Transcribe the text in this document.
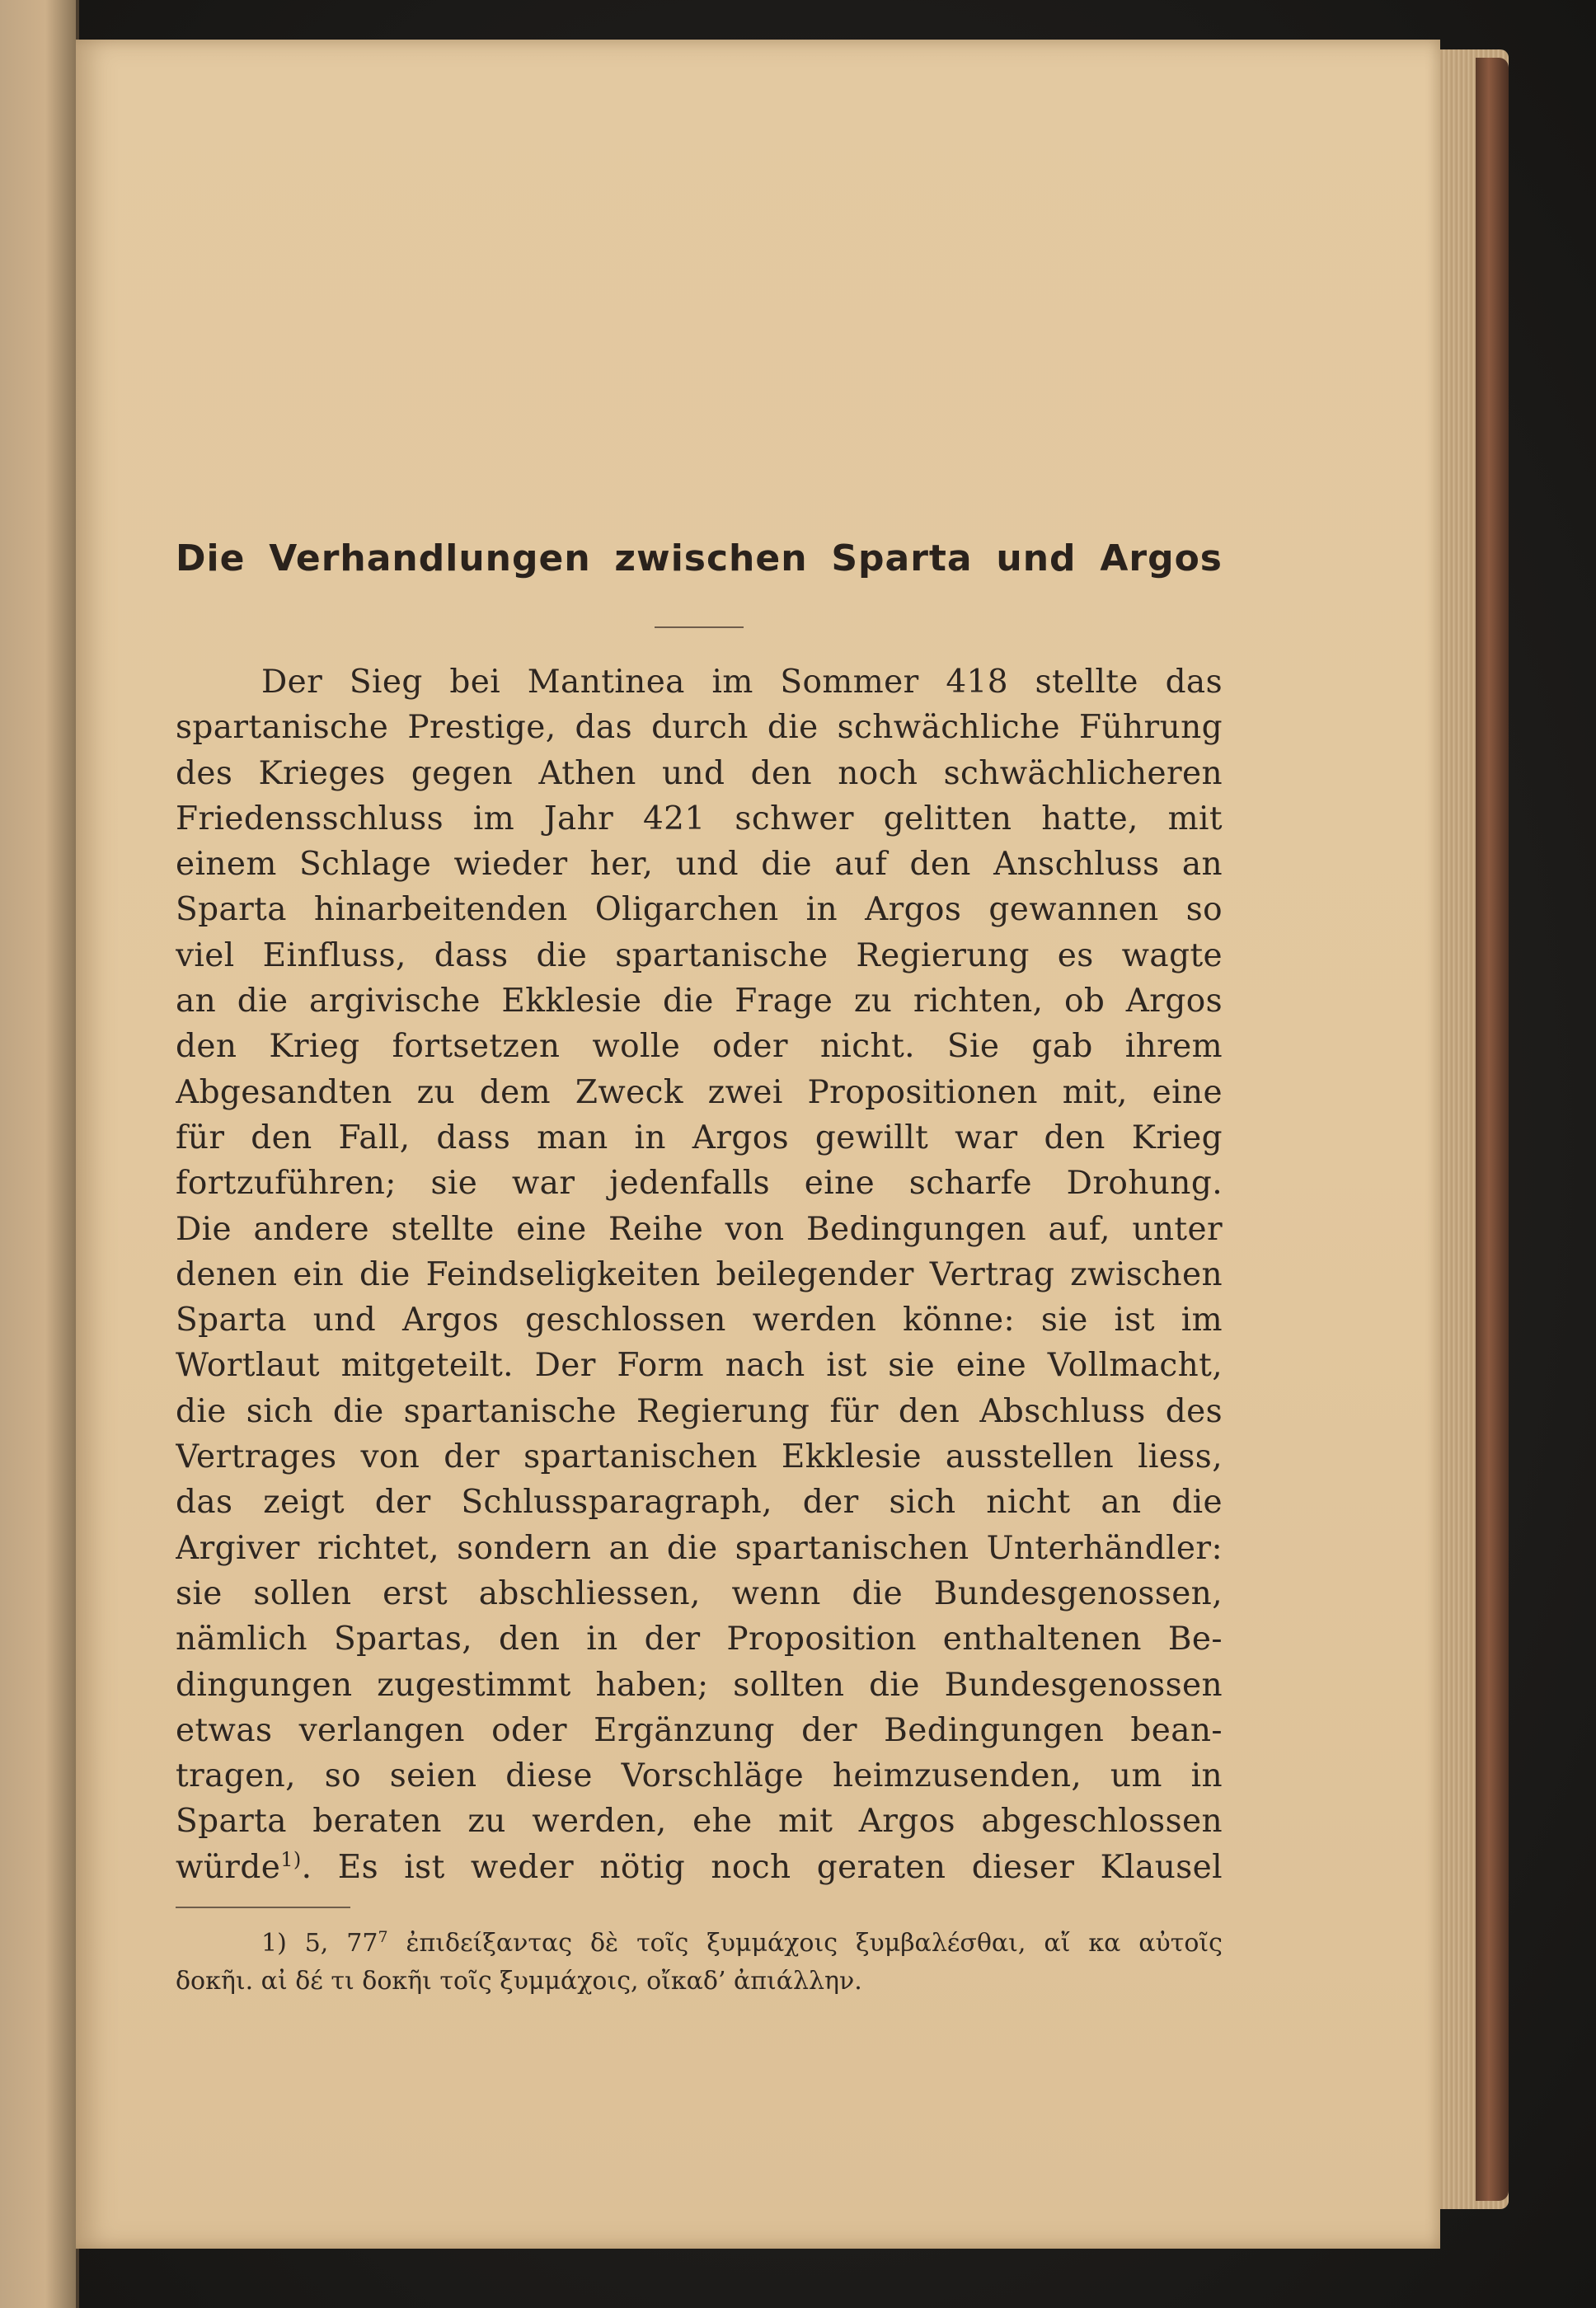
Die Verhandlungen zwischen Sparta und Argos
Der Sieg bei Mantinea im Sommer 418 stellte das
spartanische Prestige, das durch die schwächliche Führung
des Krieges gegen Athen und den noch schwächlicheren
Friedensschluss im Jahr 421 schwer gelitten hatte, mit
einem Schlage wieder her, und die auf den Anschluss an
Sparta hinarbeitenden Oligarchen in Argos gewannen so
viel Einfluss, dass die spartanische Regierung es wagte
an die argivische Ekklesie die Frage zu richten, ob Argos
den Krieg fortsetzen wolle oder nicht. Sie gab ihrem
Abgesandten zu dem Zweck zwei Propositionen mit, eine
für den Fall, dass man in Argos gewillt war den Krieg
fortzuführen; sie war jedenfalls eine scharfe Drohung.
Die andere stellte eine Reihe von Bedingungen auf, unter
denen ein die Feindseligkeiten beilegender Vertrag zwischen
Sparta und Argos geschlossen werden könne: sie ist im
Wortlaut mitgeteilt. Der Form nach ist sie eine Vollmacht,
die sich die spartanische Regierung für den Abschluss des
Vertrages von der spartanischen Ekklesie ausstellen liess,
das zeigt der Schlussparagraph, der sich nicht an die
Argiver richtet, sondern an die spartanischen Unterhändler:
sie sollen erst abschliessen, wenn die Bundesgenossen,
nämlich Spartas, den in der Proposition enthaltenen Be-
dingungen zugestimmt haben; sollten die Bundesgenossen
etwas verlangen oder Ergänzung der Bedingungen bean-
tragen, so seien diese Vorschläge heimzusenden, um in
Sparta beraten zu werden, ehe mit Argos abgeschlossen
würde$^{1)}$. Es ist weder nötig noch geraten dieser Klausel
1) 5, 77$^7$ ἐπιδείξαντας δὲ τοῖς ξυμμάχοις ξυμβαλέσθαι, αἴ κα αὐτοῖς
δοκῆι. αἰ δέ τι δοκῆι τοῖς ξυμμάχοις, οἴκαδ’ ἀπιάλλην.
